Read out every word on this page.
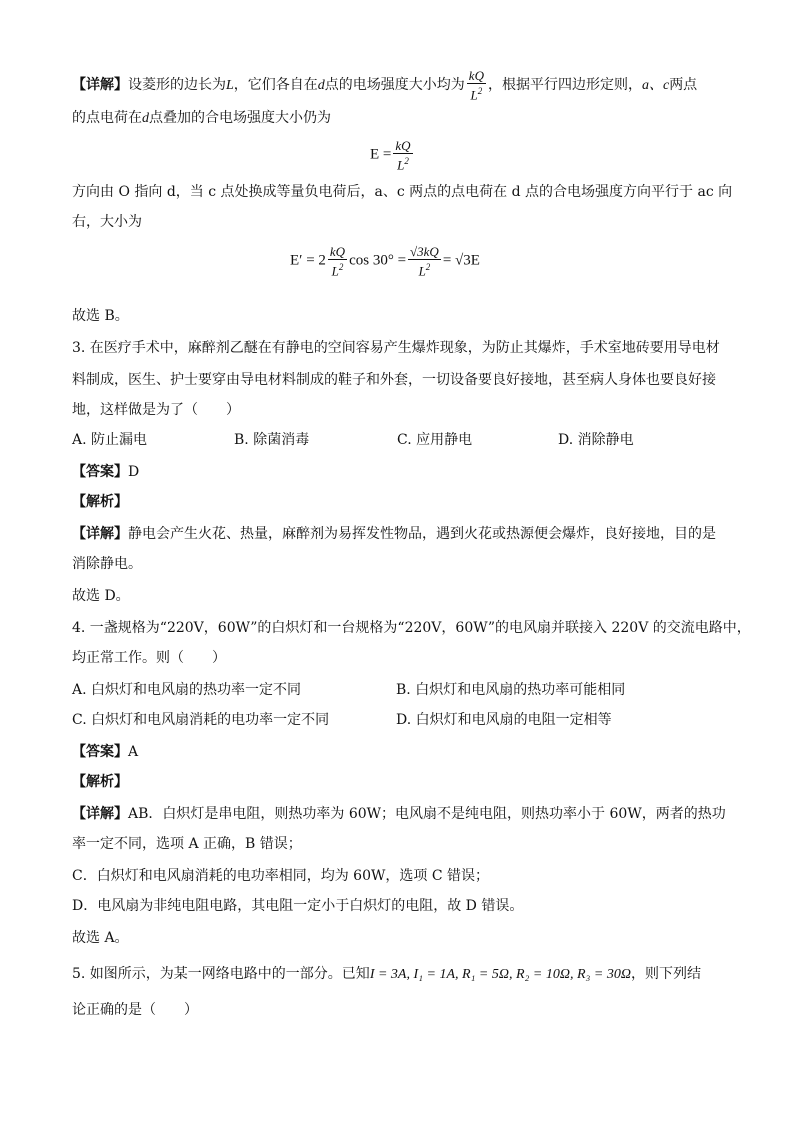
【详解】设菱形的边长为L，它们各自在d点的电场强度大小均为 $\frac{kQ}{L^2}$ ，根据平行四边形定则，a、c两点
的点电荷在d点叠加的合电场强度大小仍为
$E = \frac{kQ}{L^2}$
方向由 O 指向 d，当 c 点处换成等量负电荷后，a、c 两点的点电荷在 d 点的合电场强度方向平行于 ac 向
右，大小为
$E' = 2 \frac{kQ}{L^2}$ $\cos 30^\circ = \frac{√3kQ}{L^2} = √3E$
故选 B。
3. 在医疗手术中，麻醉剂乙醚在有静电的空间容易产生爆炸现象，为防止其爆炸，手术室地砖要用导电材
料制成，医生、护士要穿由导电材料制成的鞋子和外套，一切设备要良好接地，甚至病人身体也要良好接
地，这样做是为了（　　）
A. 防止漏电	B. 除菌消毒	C. 应用静电	D. 消除静电
【答案】D
【解析】
【详解】静电会产生火花、热量，麻醉剂为易挥发性物品，遇到火花或热源便会爆炸，良好接地，目的是
消除静电。
故选 D。
4. 一盏规格为“220V，60W”的白炽灯和一台规格为“220V，60W”的电风扇并联接入 220V 的交流电路中，
均正常工作。则（　　）
A. 白炽灯和电风扇的热功率一定不同	B. 白炽灯和电风扇的热功率可能相同
C. 白炽灯和电风扇消耗的电功率一定不同	D. 白炽灯和电风扇的电阻一定相等
【答案】A
【解析】
【详解】AB．白炽灯是串电阻，则热功率为 60W；电风扇不是纯电阻，则热功率小于 60W，两者的热功
率一定不同，选项 A 正确，B 错误；
C．白炽灯和电风扇消耗的电功率相同，均为 60W，选项 C 错误；
D．电风扇为非纯电阻电路，其电阻一定小于白炽灯的电阻，故 D 错误。
故选 A。
5. 如图所示，为某一网络电路中的一部分。已知I = 3A, I₁ = 1A, R₁ = 5Ω, R₂ = 10Ω, R₃ = 30Ω，则下列结
论正确的是（　　）
